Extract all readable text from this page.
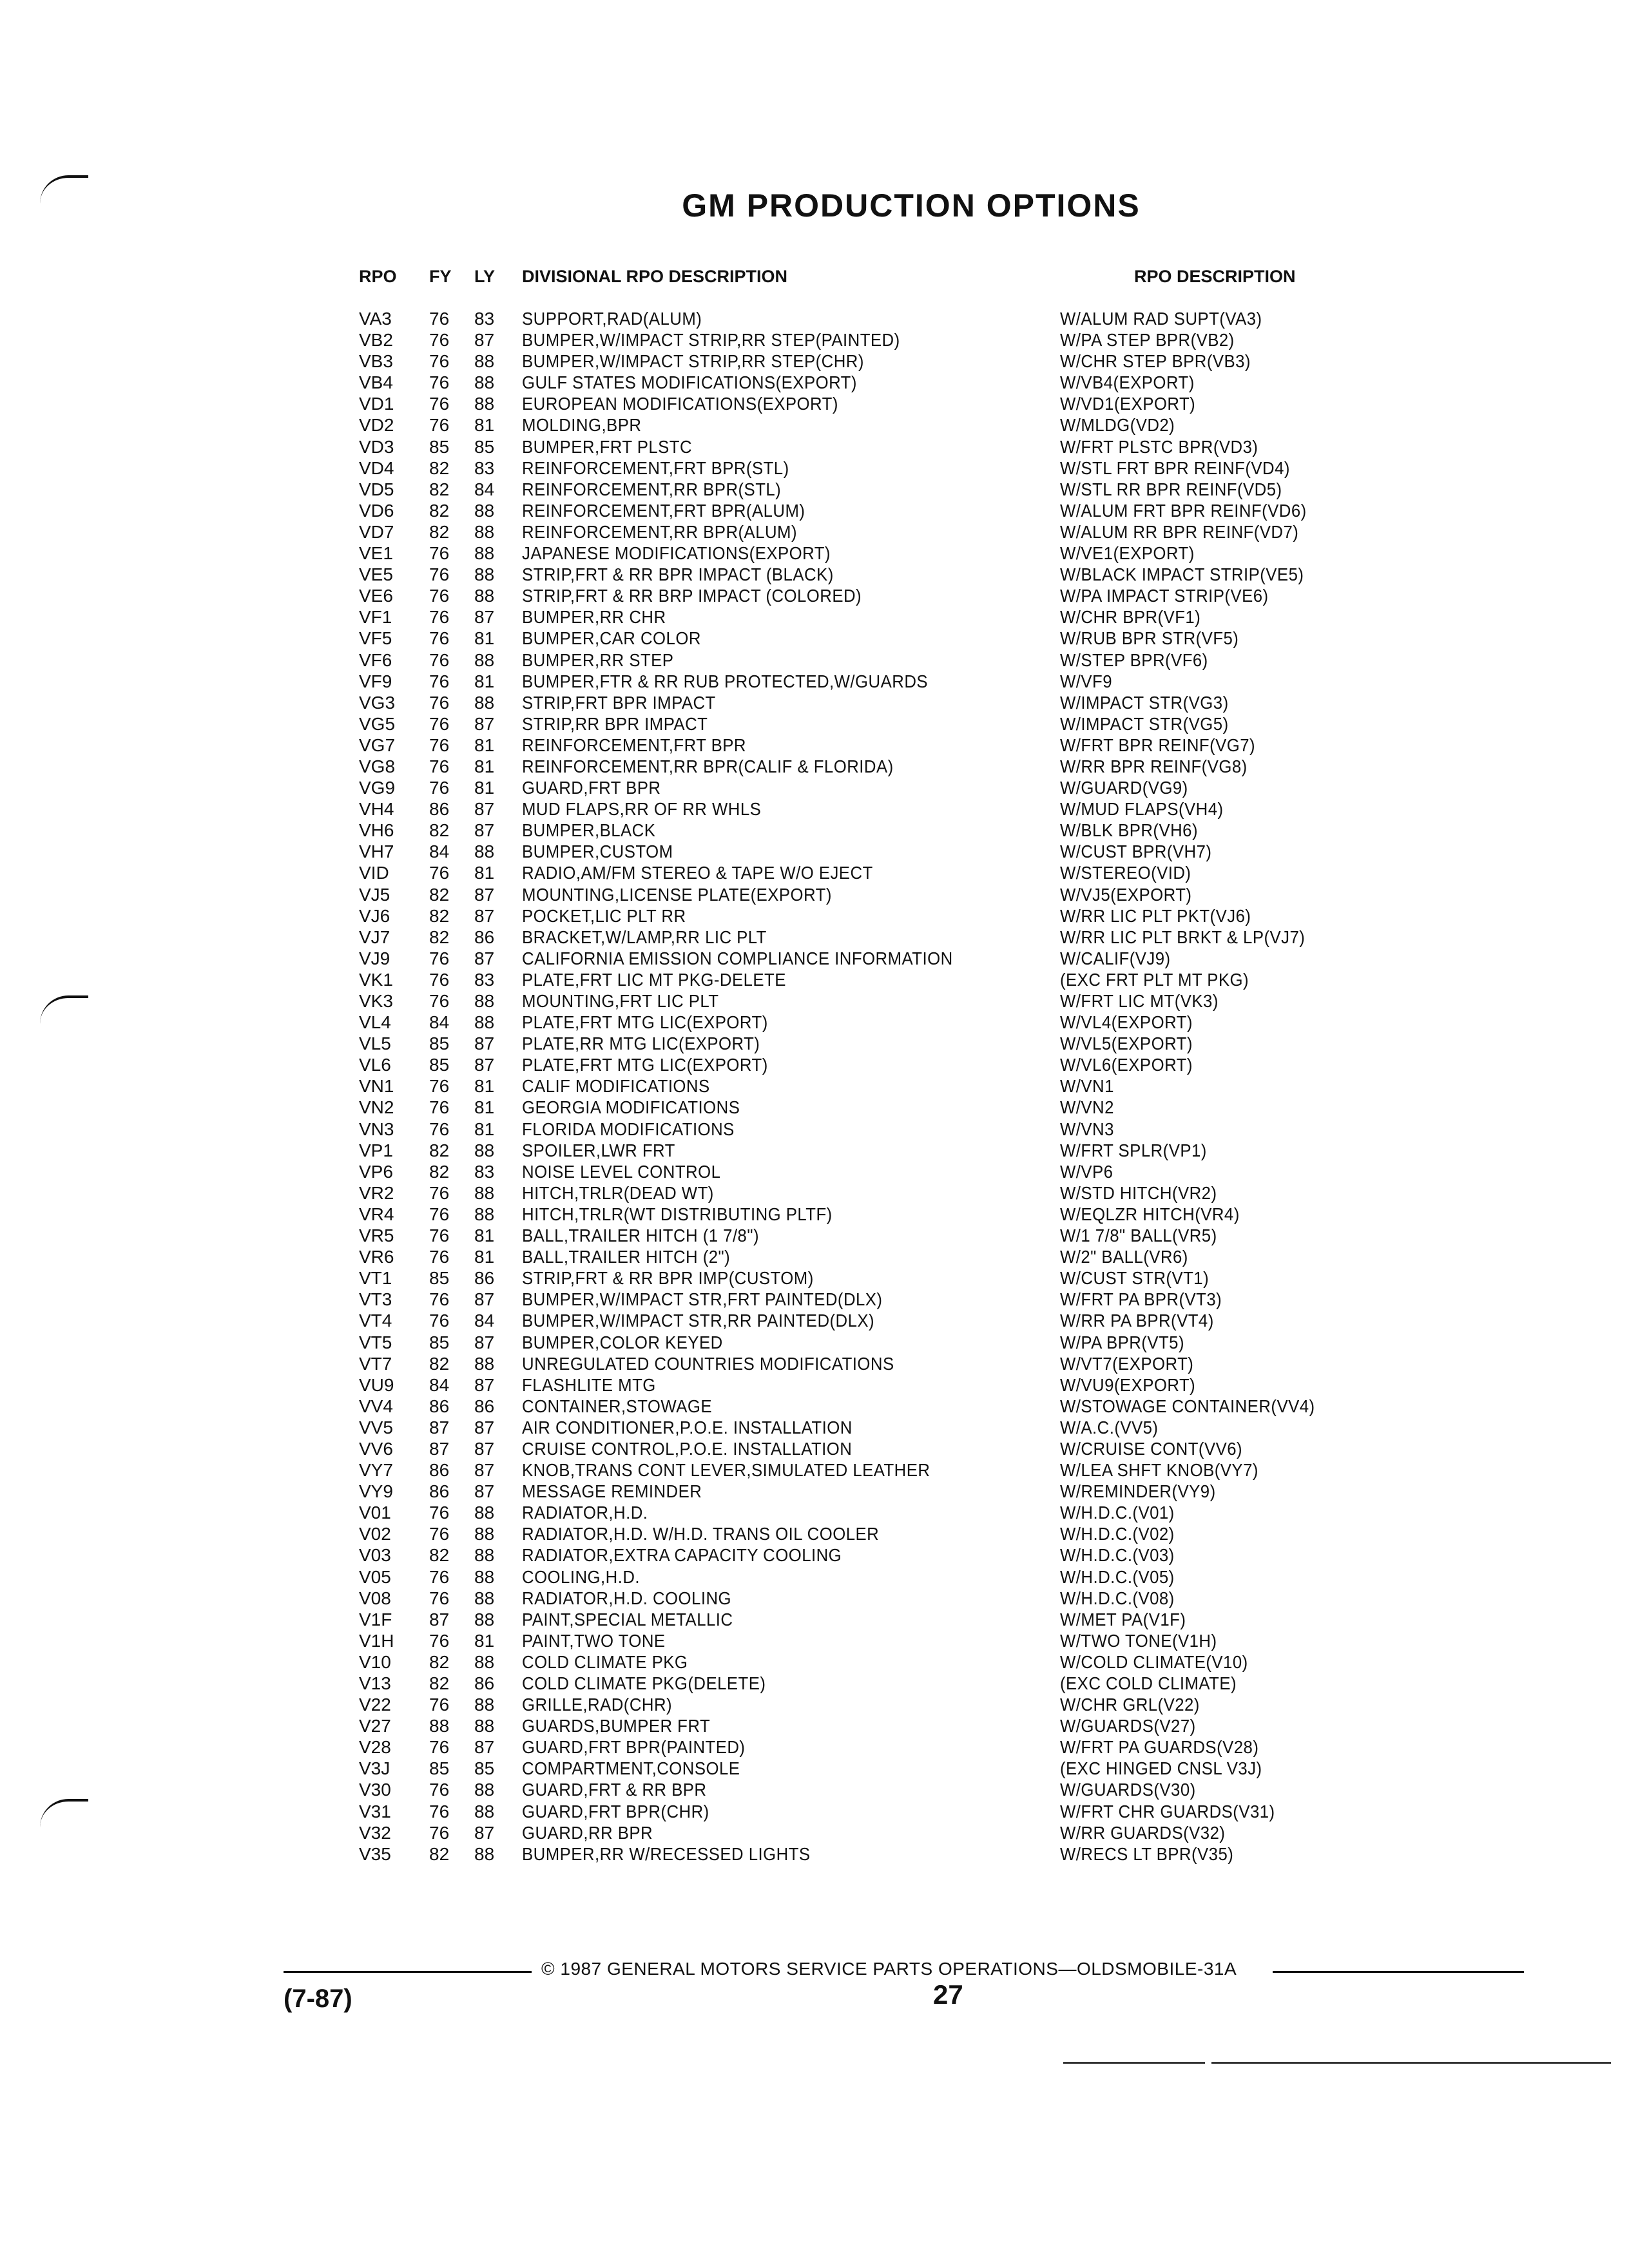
GM PRODUCTION OPTIONS
RPO FY LY DIVISIONAL RPO DESCRIPTION	RPO DESCRIPTION
VA3 76 83 SUPPORT,RAD(ALUM)	W/ALUM RAD SUPT(VA3)
VB2 76 87 BUMPER,W/IMPACT STRIP,RR STEP(PAINTED)	W/PA STEP BPR(VB2)
VB3 76 88 BUMPER,W/IMPACT STRIP,RR STEP(CHR)	W/CHR STEP BPR(VB3)
VB4 76 88 GULF STATES MODIFICATIONS(EXPORT)	W/VB4(EXPORT)
VD1 76 88 EUROPEAN MODIFICATIONS(EXPORT)	W/VD1(EXPORT)
VD2 76 81 MOLDING,BPR	W/MLDG(VD2)
VD3 85 85 BUMPER,FRT PLSTC	W/FRT PLSTC BPR(VD3)
VD4 82 83 REINFORCEMENT,FRT BPR(STL)	W/STL FRT BPR REINF(VD4)
VD5 82 84 REINFORCEMENT,RR BPR(STL)	W/STL RR BPR REINF(VD5)
VD6 82 88 REINFORCEMENT,FRT BPR(ALUM)	W/ALUM FRT BPR REINF(VD6)
VD7 82 88 REINFORCEMENT,RR BPR(ALUM)	W/ALUM RR BPR REINF(VD7)
VE1 76 88 JAPANESE MODIFICATIONS(EXPORT)	W/VE1(EXPORT)
VE5 76 88 STRIP,FRT & RR BPR IMPACT (BLACK)	W/BLACK IMPACT STRIP(VE5)
VE6 76 88 STRIP,FRT & RR BRP IMPACT (COLORED)	W/PA IMPACT STRIP(VE6)
VF1 76 87 BUMPER,RR CHR	W/CHR BPR(VF1)
VF5 76 81 BUMPER,CAR COLOR	W/RUB BPR STR(VF5)
VF6 76 88 BUMPER,RR STEP	W/STEP BPR(VF6)
VF9 76 81 BUMPER,FTR & RR RUB PROTECTED,W/GUARDS	W/VF9
VG3 76 88 STRIP,FRT BPR IMPACT	W/IMPACT STR(VG3)
VG5 76 87 STRIP,RR BPR IMPACT	W/IMPACT STR(VG5)
VG7 76 81 REINFORCEMENT,FRT BPR	W/FRT BPR REINF(VG7)
VG8 76 81 REINFORCEMENT,RR BPR(CALIF & FLORIDA)	W/RR BPR REINF(VG8)
VG9 76 81 GUARD,FRT BPR	W/GUARD(VG9)
VH4 86 87 MUD FLAPS,RR OF RR WHLS	W/MUD FLAPS(VH4)
VH6 82 87 BUMPER,BLACK	W/BLK BPR(VH6)
VH7 84 88 BUMPER,CUSTOM	W/CUST BPR(VH7)
VID 76 81 RADIO,AM/FM STEREO & TAPE W/O EJECT	W/STEREO(VID)
VJ5 82 87 MOUNTING,LICENSE PLATE(EXPORT)	W/VJ5(EXPORT)
VJ6 82 87 POCKET,LIC PLT RR	W/RR LIC PLT PKT(VJ6)
VJ7 82 86 BRACKET,W/LAMP,RR LIC PLT	W/RR LIC PLT BRKT & LP(VJ7)
VJ9 76 87 CALIFORNIA EMISSION COMPLIANCE INFORMATION	W/CALIF(VJ9)
VK1 76 83 PLATE,FRT LIC MT PKG-DELETE	(EXC FRT PLT MT PKG)
VK3 76 88 MOUNTING,FRT LIC PLT	W/FRT LIC MT(VK3)
VL4 84 88 PLATE,FRT MTG LIC(EXPORT)	W/VL4(EXPORT)
VL5 85 87 PLATE,RR MTG LIC(EXPORT)	W/VL5(EXPORT)
VL6 85 87 PLATE,FRT MTG LIC(EXPORT)	W/VL6(EXPORT)
VN1 76 81 CALIF MODIFICATIONS	W/VN1
VN2 76 81 GEORGIA MODIFICATIONS	W/VN2
VN3 76 81 FLORIDA MODIFICATIONS	W/VN3
VP1 82 88 SPOILER,LWR FRT	W/FRT SPLR(VP1)
VP6 82 83 NOISE LEVEL CONTROL	W/VP6
VR2 76 88 HITCH,TRLR(DEAD WT)	W/STD HITCH(VR2)
VR4 76 88 HITCH,TRLR(WT DISTRIBUTING PLTF)	W/EQLZR HITCH(VR4)
VR5 76 81 BALL,TRAILER HITCH (1 7/8")	W/1 7/8" BALL(VR5)
VR6 76 81 BALL,TRAILER HITCH (2")	W/2" BALL(VR6)
VT1 85 86 STRIP,FRT & RR BPR IMP(CUSTOM)	W/CUST STR(VT1)
VT3 76 87 BUMPER,W/IMPACT STR,FRT PAINTED(DLX)	W/FRT PA BPR(VT3)
VT4 76 84 BUMPER,W/IMPACT STR,RR PAINTED(DLX)	W/RR PA BPR(VT4)
VT5 85 87 BUMPER,COLOR KEYED	W/PA BPR(VT5)
VT7 82 88 UNREGULATED COUNTRIES MODIFICATIONS	W/VT7(EXPORT)
VU9 84 87 FLASHLITE MTG	W/VU9(EXPORT)
VV4 86 86 CONTAINER,STOWAGE	W/STOWAGE CONTAINER(VV4)
VV5 87 87 AIR CONDITIONER,P.O.E. INSTALLATION	W/A.C.(VV5)
VV6 87 87 CRUISE CONTROL,P.O.E. INSTALLATION	W/CRUISE CONT(VV6)
VY7 86 87 KNOB,TRANS CONT LEVER,SIMULATED LEATHER	W/LEA SHFT KNOB(VY7)
VY9 86 87 MESSAGE REMINDER	W/REMINDER(VY9)
V01 76 88 RADIATOR,H.D.	W/H.D.C.(V01)
V02 76 88 RADIATOR,H.D. W/H.D. TRANS OIL COOLER	W/H.D.C.(V02)
V03 82 88 RADIATOR,EXTRA CAPACITY COOLING	W/H.D.C.(V03)
V05 76 88 COOLING,H.D.	W/H.D.C.(V05)
V08 76 88 RADIATOR,H.D. COOLING	W/H.D.C.(V08)
V1F 87 88 PAINT,SPECIAL METALLIC	W/MET PA(V1F)
V1H 76 81 PAINT,TWO TONE	W/TWO TONE(V1H)
V10 82 88 COLD CLIMATE PKG	W/COLD CLIMATE(V10)
V13 82 86 COLD CLIMATE PKG(DELETE)	(EXC COLD CLIMATE)
V22 76 88 GRILLE,RAD(CHR)	W/CHR GRL(V22)
V27 88 88 GUARDS,BUMPER FRT	W/GUARDS(V27)
V28 76 87 GUARD,FRT BPR(PAINTED)	W/FRT PA GUARDS(V28)
V3J 85 85 COMPARTMENT,CONSOLE	(EXC HINGED CNSL V3J)
V30 76 88 GUARD,FRT & RR BPR	W/GUARDS(V30)
V31 76 88 GUARD,FRT BPR(CHR)	W/FRT CHR GUARDS(V31)
V32 76 87 GUARD,RR BPR	W/RR GUARDS(V32)
V35 82 88 BUMPER,RR W/RECESSED LIGHTS	W/RECS LT BPR(V35)
© 1987 GENERAL MOTORS SERVICE PARTS OPERATIONS—OLDSMOBILE-31A
(7-87)	27
